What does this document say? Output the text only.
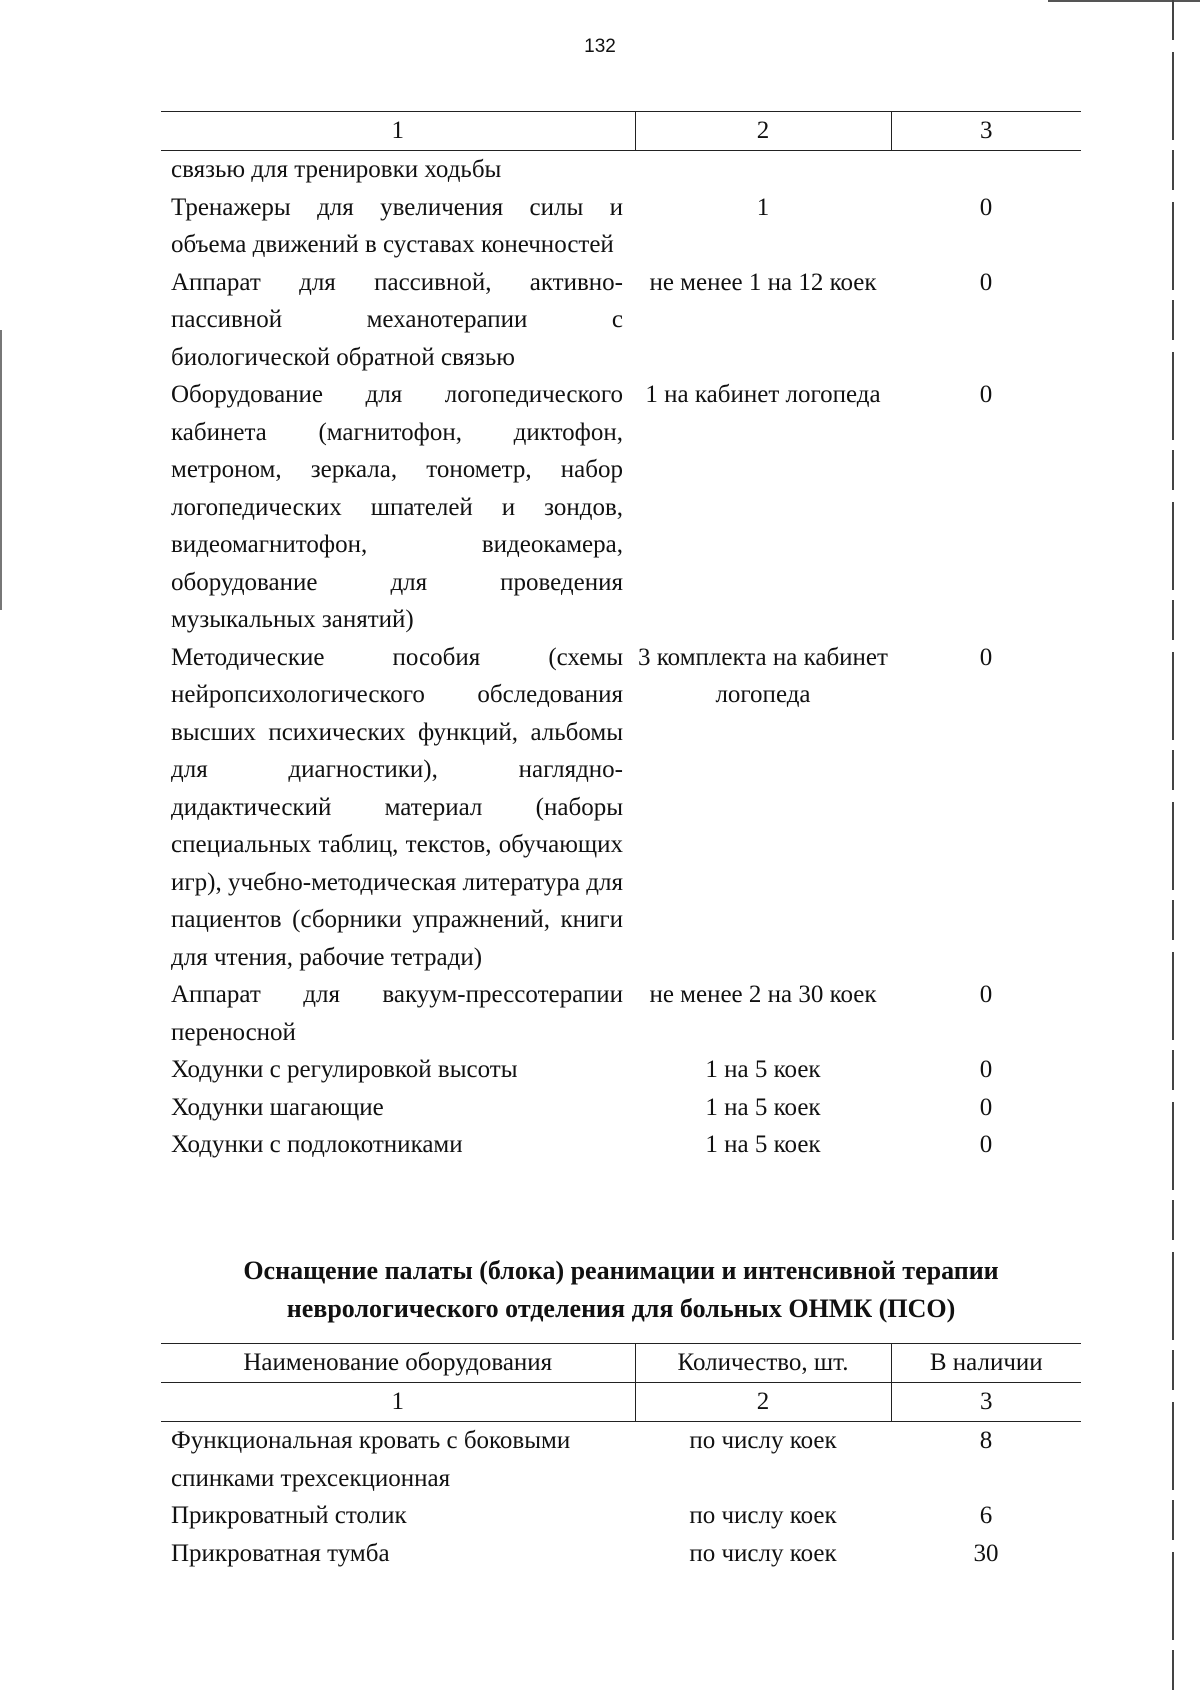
132
1	2	3
связью для тренировки ходьбы		
Тренажеры для увеличения силы и объема движений в суставах конечностей	1	0
Аппарат для пассивной, активно-пассивной механотерапии с биологической обратной связью	не менее 1 на 12 коек	0
Оборудование для логопедического кабинета (магнитофон, диктофон, метроном, зеркала, тонометр, набор логопедических шпателей и зондов, видеомагнитофон, видеокамера, оборудование для проведения музыкальных занятий)	1 на кабинет логопеда	0
Методические пособия (схемы нейропсихологического обследования высших психических функций, альбомы для диагностики), наглядно-дидактический материал (наборы специальных таблиц, текстов, обучающих игр), учебно-методическая литература для пациентов (сборники упражнений, книги для чтения, рабочие тетради)	3 комплекта на кабинет логопеда	0
Аппарат для вакуум-прессотерапии переносной	не менее 2 на 30 коек	0
Ходунки с регулировкой высоты	1 на 5 коек	0
Ходунки шагающие	1 на 5 коек	0
Ходунки с подлокотниками	1 на 5 коек	0
Оснащение палаты (блока) реанимации и интенсивной терапии
неврологического отделения для больных ОНМК (ПСО)
Наименование оборудования	Количество, шт.	В наличии
1	2	3
Функциональная кровать с боковыми спинками трехсекционная	по числу коек	8
Прикроватный столик	по числу коек	6
Прикроватная тумба	по числу коек	30
